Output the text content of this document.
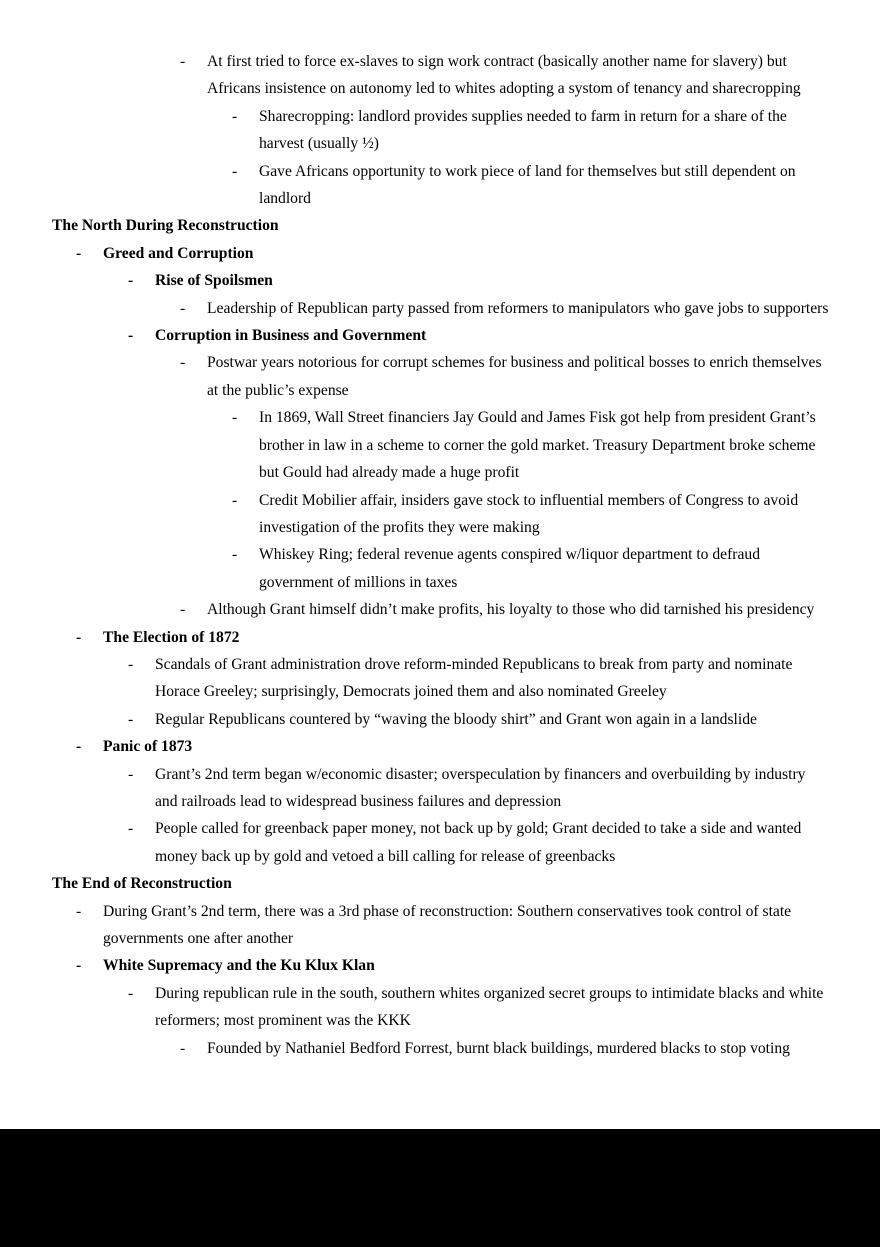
-	At first tried to force ex-slaves to sign work contract (basically another name for slavery) but Africans insistence on autonomy led to whites adopting a systom of tenancy and sharecropping
-	Sharecropping: landlord provides supplies needed to farm in return for a share of the harvest (usually ½)
-	Gave Africans opportunity to work piece of land for themselves but still dependent on landlord
The North During Reconstruction
-	Greed and Corruption
-	Rise of Spoilsmen
-	Leadership of Republican party passed from reformers to manipulators who gave jobs to supporters
-	Corruption in Business and Government
-	Postwar years notorious for corrupt schemes for business and political bosses to enrich themselves at the public’s expense
-	In 1869, Wall Street financiers Jay Gould and James Fisk got help from president Grant’s brother in law in a scheme to corner the gold market. Treasury Department broke scheme but Gould had already made a huge profit
-	Credit Mobilier affair, insiders gave stock to influential members of Congress to avoid investigation of the profits they were making
-	Whiskey Ring; federal revenue agents conspired w/liquor department to defraud government of millions in taxes
-	Although Grant himself didn’t make profits, his loyalty to those who did tarnished his presidency
-	The Election of 1872
-	Scandals of Grant administration drove reform-minded Republicans to break from party and nominate Horace Greeley; surprisingly, Democrats joined them and also nominated Greeley
-	Regular Republicans countered by “waving the bloody shirt” and Grant won again in a landslide
-	Panic of 1873
-	Grant’s 2nd term began w/economic disaster; overspeculation by financers and overbuilding by industry and railroads lead to widespread business failures and depression
-	People called for greenback paper money, not back up by gold; Grant decided to take a side and wanted money back up by gold and vetoed a bill calling for release of greenbacks
The End of Reconstruction
-	During Grant’s 2nd term, there was a 3rd phase of reconstruction: Southern conservatives took control of state governments one after another
-	White Supremacy and the Ku Klux Klan
-	During republican rule in the south, southern whites organized secret groups to intimidate blacks and white reformers; most prominent was the KKK
-	Founded by Nathaniel Bedford Forrest, burnt black buildings, murdered blacks to stop voting
